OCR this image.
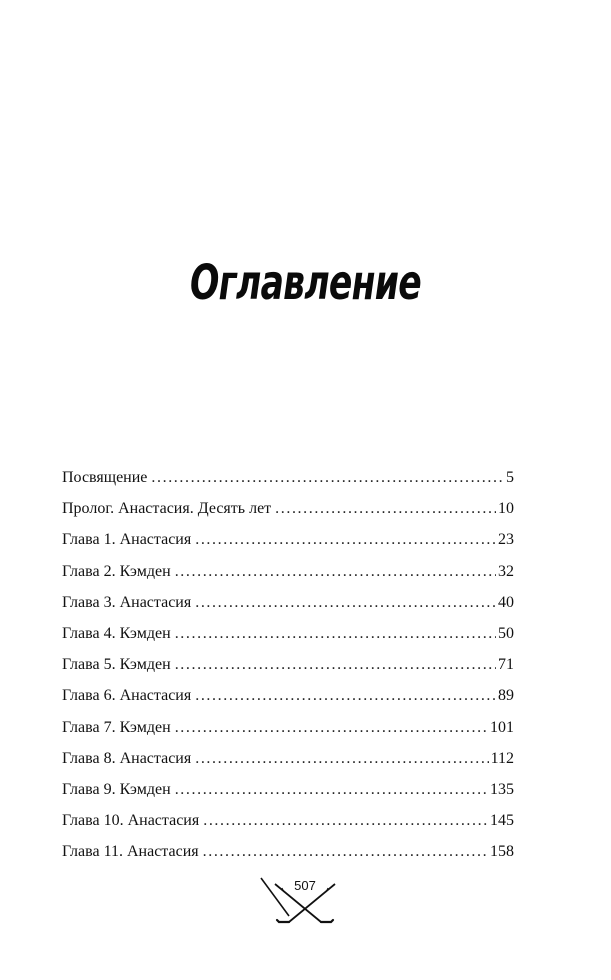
Оглавление
Посвящение . . .	5
Пролог. Анастасия. Десять лет . . .	10
Глава 1. Анастасия . . .	23
Глава 2. Кэмден . . .	32
Глава 3. Анастасия . . .	40
Глава 4. Кэмден . . .	50
Глава 5. Кэмден . . .	71
Глава 6. Анастасия . . .	89
Глава 7. Кэмден . . .	101
Глава 8. Анастасия . . .	112
Глава 9. Кэмден . . .	135
Глава 10. Анастасия . . .	145
Глава 11. Анастасия . . .	158
507
